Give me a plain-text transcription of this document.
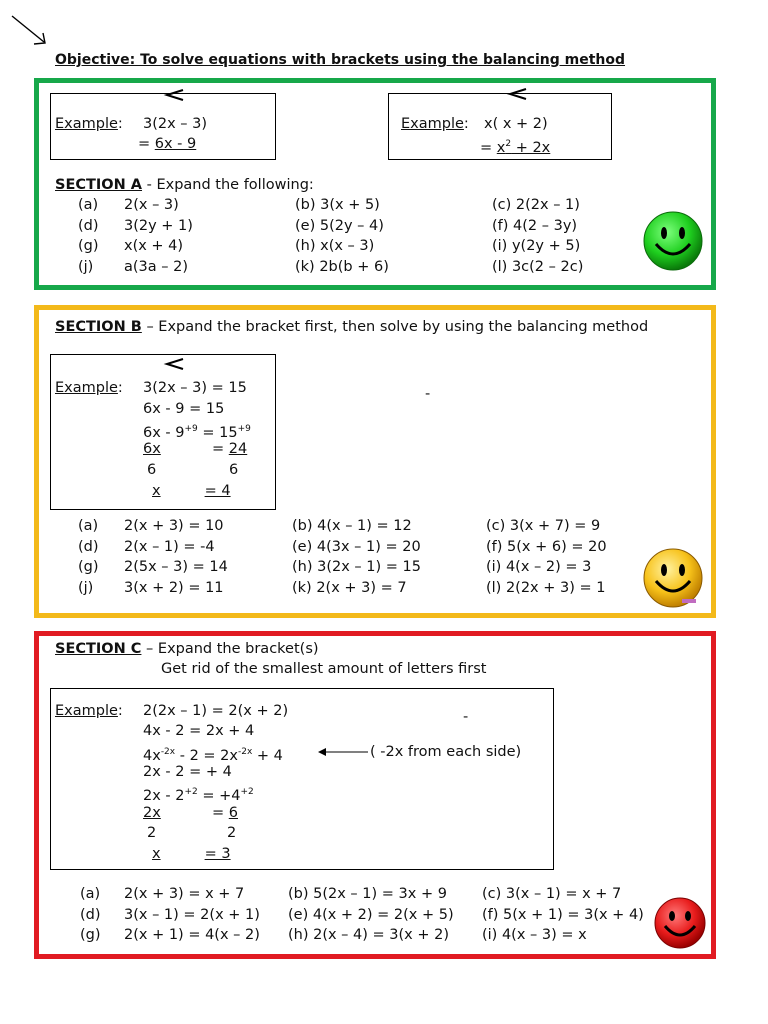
Objective: To solve equations with brackets using the balancing method
Example: 3(2x – 3)
= 6x - 9
Example: x( x + 2)
= $x^2 + 2x$
SECTION A - Expand the following:
(a) 2(x – 3)	(b) 3(x + 5)	(c) 2(2x – 1)
(d) 3(2y + 1)	(e) 5(2y – 4)	(f) 4(2 – 3y)
(g) x(x + 4)	(h) x(x – 3)	(i) y(2y + 5)
(j) a(3a – 2)	(k) 2b(b + 6)	(l) 3c(2 – 2c)
SECTION B – Expand the bracket first, then solve by using the balancing method
Example: 3(2x – 3) = 15
6x - 9 = 15
$6x - 9^{+9} = 15^{+9}$
6x	= 24
6	6
x	= 4
-
(a) 2(x + 3) = 10	(b) 4(x – 1) = 12	(c) 3(x + 7) = 9
(d) 2(x – 1) = -4	(e) 4(3x – 1) = 20	(f) 5(x + 6) = 20
(g) 2(5x – 3) = 14	(h) 3(2x – 1) = 15	(i) 4(x – 2) = 3
(j) 3(x + 2) = 11	(k) 2(x + 3) = 7	(l) 2(2x + 3) = 1
SECTION C – Expand the bracket(s)
Get rid of the smallest amount of letters first
Example: 2(2x – 1) = 2(x + 2)
4x - 2 = 2x + 4
$4x^{-2x} - 2 = 2x^{-2x} + 4$	( -2x from each side)
2x - 2 = + 4
$2x - 2^{+2} = +4^{+2}$
2x	= 6
2	2
x	= 3
-
(a) 2(x + 3) = x + 7	(b) 5(2x – 1) = 3x + 9 (c) 3(x – 1) = x + 7
(d) 3(x – 1) = 2(x + 1) (e) 4(x + 2) = 2(x + 5) (f) 5(x + 1) = 3(x + 4)
(g) 2(x + 1) = 4(x – 2) (h) 2(x – 4) = 3(x + 2) (i) 4(x – 3) = x
